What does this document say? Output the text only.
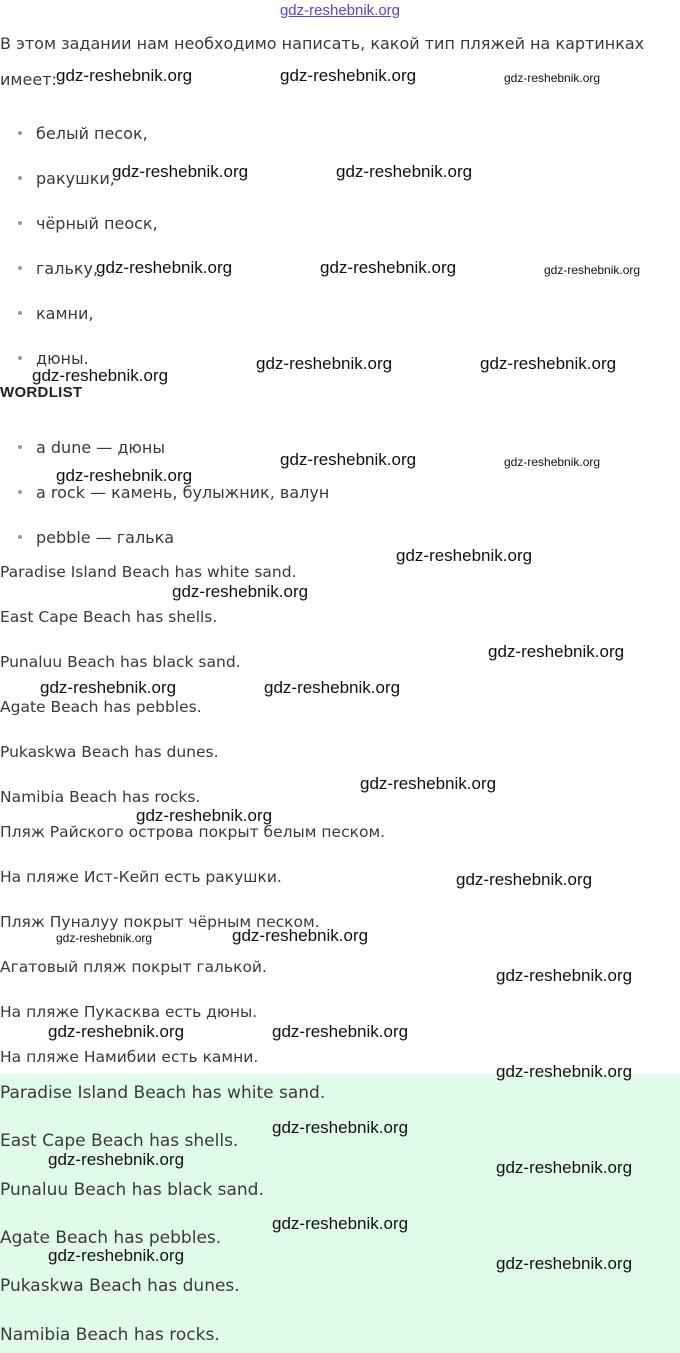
gdz-reshebnik.org
В этом задании нам необходимо написать, какой тип пляжей на картинках
имеет:
белый песок,
ракушки,
чёрный пеоск,
гальку,
камни,
дюны.
WORDLIST
a dune — дюны
a rock — камень, булыжник, валун
pebble — галька
Paradise Island Beach has white sand.
East Cape Beach has shells.
Punaluu Beach has black sand.
Agate Beach has pebbles.
Pukaskwa Beach has dunes.
Namibia Beach has rocks.
Пляж Райского острова покрыт белым песком.
На пляже Ист-Кейп есть ракушки.
Пляж Пуналуу покрыт чёрным песком.
Агатовый пляж покрыт галькой.
На пляже Пукасква есть дюны.
На пляже Намибии есть камни.
Paradise Island Beach has white sand.
East Cape Beach has shells.
Punaluu Beach has black sand.
Agate Beach has pebbles.
Pukaskwa Beach has dunes.
Namibia Beach has rocks.
gdz-reshebnik.org	gdz-reshebnik.org	gdz-reshebnik.org
gdz-reshebnik.org	gdz-reshebnik.org
gdz-reshebnik.org	gdz-reshebnik.org	gdz-reshebnik.org
gdz-reshebnik.org	gdz-reshebnik.org
gdz-reshebnik.org
gdz-reshebnik.org	gdz-reshebnik.org
gdz-reshebnik.org
gdz-reshebnik.org
gdz-reshebnik.org
gdz-reshebnik.org
gdz-reshebnik.org	gdz-reshebnik.org
gdz-reshebnik.org
gdz-reshebnik.org
gdz-reshebnik.org
gdz-reshebnik.org
gdz-reshebnik.org
gdz-reshebnik.org
gdz-reshebnik.org	gdz-reshebnik.org
gdz-reshebnik.org
gdz-reshebnik.org
gdz-reshebnik.org	gdz-reshebnik.org
gdz-reshebnik.org
gdz-reshebnik.org	gdz-reshebnik.org
